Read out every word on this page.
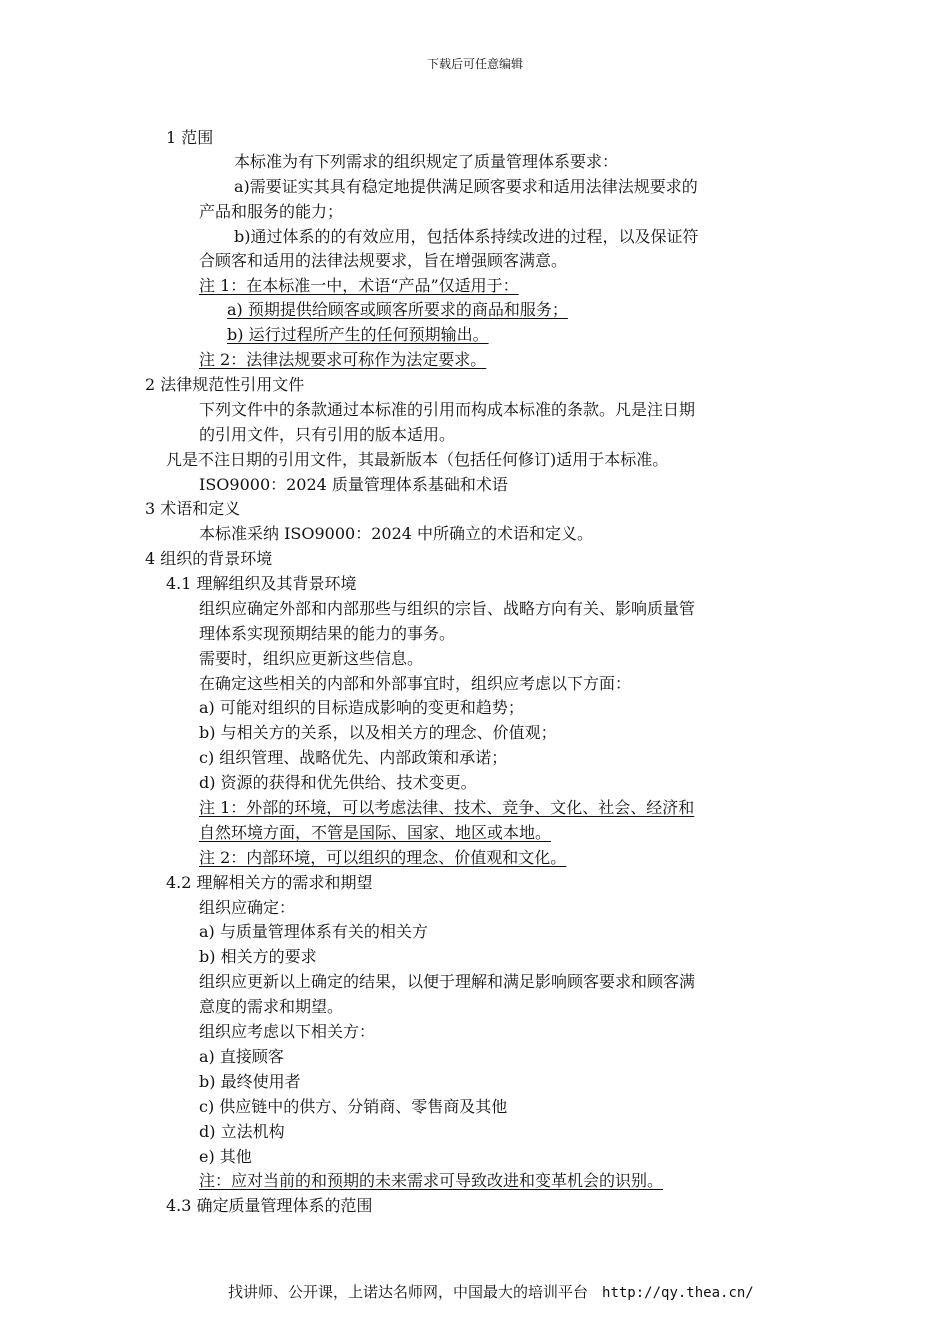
下载后可任意编辑
1 范围
本标准为有下列需求的组织规定了质量管理体系要求：
a)需要证实其具有稳定地提供满足顾客要求和适用法律法规要求的
产品和服务的能力；
b)通过体系的的有效应用，包括体系持续改进的过程，以及保证符
合顾客和适用的法律法规要求，旨在增强顾客满意。
注 1：在本标准一中，术语“产品”仅适用于：
a) 预期提供给顾客或顾客所要求的商品和服务；
b) 运行过程所产生的任何预期输出。
注 2：法律法规要求可称作为法定要求。
2 法律规范性引用文件
下列文件中的条款通过本标准的引用而构成本标准的条款。凡是注日期
的引用文件，只有引用的版本适用。
凡是不注日期的引用文件，其最新版本（包括任何修订)适用于本标准。
ISO9000：2024 质量管理体系基础和术语
3 术语和定义
本标准采纳 ISO9000：2024 中所确立的术语和定义。
4 组织的背景环境
4.1 理解组织及其背景环境
组织应确定外部和内部那些与组织的宗旨、战略方向有关、影响质量管
理体系实现预期结果的能力的事务。
需要时，组织应更新这些信息。
在确定这些相关的内部和外部事宜时，组织应考虑以下方面：
a) 可能对组织的目标造成影响的变更和趋势；
b) 与相关方的关系，以及相关方的理念、价值观；
c) 组织管理、战略优先、内部政策和承诺；
d) 资源的获得和优先供给、技术变更。
注 1：外部的环境，可以考虑法律、技术、竞争、文化、社会、经济和
自然环境方面，不管是国际、国家、地区或本地。
注 2：内部环境，可以组织的理念、价值观和文化。
4.2 理解相关方的需求和期望
组织应确定：
a) 与质量管理体系有关的相关方
b) 相关方的要求
组织应更新以上确定的结果，以便于理解和满足影响顾客要求和顾客满
意度的需求和期望。
组织应考虑以下相关方：
a) 直接顾客
b) 最终使用者
c) 供应链中的供方、分销商、零售商及其他
d) 立法机构
e) 其他
注：应对当前的和预期的未来需求可导致改进和变革机会的识别。
4.3 确定质量管理体系的范围
找讲师、公开课，上诺达名师网，中国最大的培训平台 http://qy.thea.cn/
